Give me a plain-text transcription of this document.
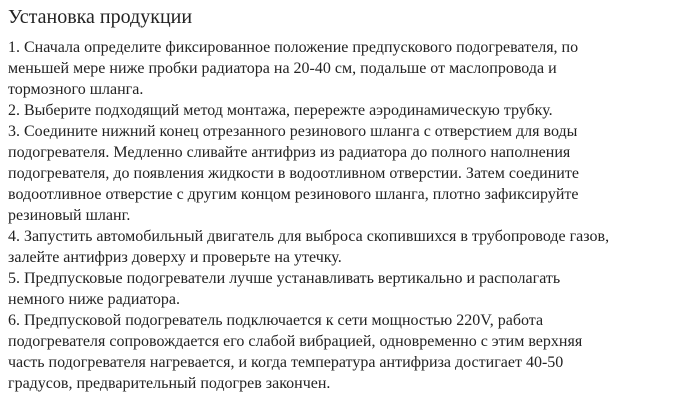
Установка продукции
1. Сначала определите фиксированное положение предпускового подогревателя, по
меньшей мере ниже пробки радиатора на 20-40 см, подальше от маслопровода и
тормозного шланга.
2. Выберите подходящий метод монтажа, перережте аэродинамическую трубку.
3. Соедините нижний конец отрезанного резинового шланга с отверстием для воды
подогревателя. Медленно сливайте антифриз из радиатора до полного наполнения
подогревателя, до появления жидкости в водоотливном отверстии. Затем соедините
водоотливное отверстие с другим концом резинового шланга, плотно зафиксируйте
резиновый шланг.
4. Запустить автомобильный двигатель для выброса скопившихся в трубопроводе газов,
залейте антифриз доверху и проверьте на утечку.
5. Предпусковые подогреватели лучше устанавливать вертикально и располагать
немного ниже радиатора.
6. Предпусковой подогреватель подключается к сети мощностью 220V, работа
подогревателя сопровождается его слабой вибрацией, одновременно с этим верхняя
часть подогревателя нагревается, и когда температура антифриза достигает 40-50
градусов, предварительный подогрев закончен.
